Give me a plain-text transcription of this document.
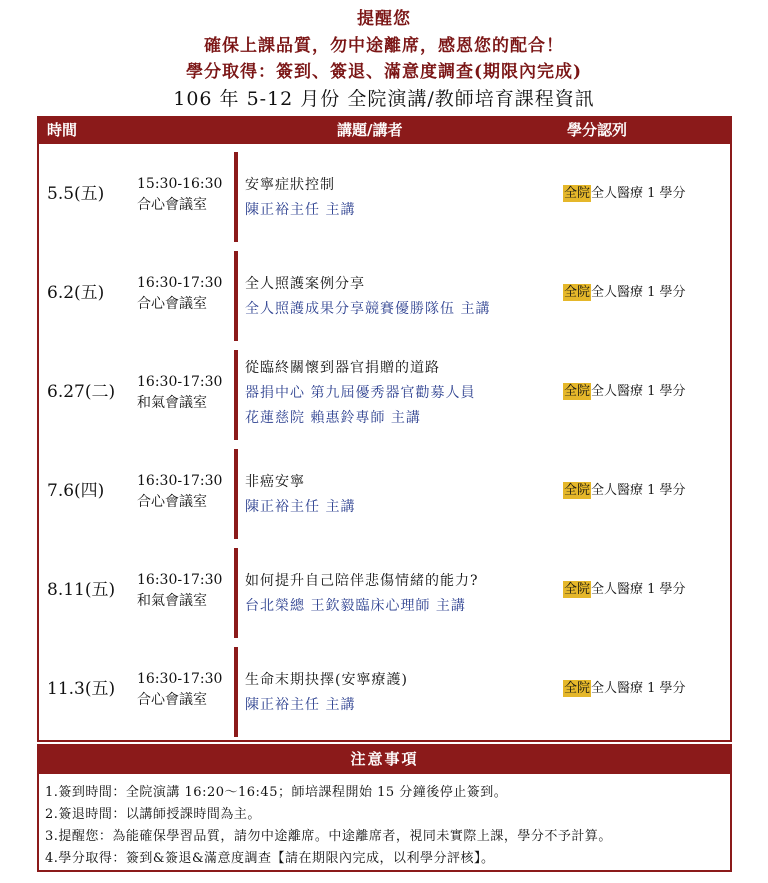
提醒您
確保上課品質，勿中途離席，感恩您的配合！
學分取得：簽到、簽退、滿意度調查(期限內完成)
106 年 5-12 月份 全院演講/教師培育課程資訊
時間	講題/講者	學分認列
5.5(五) 15:30-16:30
合心會議室
安寧症狀控制
陳正裕主任 主講
全院全人醫療 1 學分
6.2(五) 16:30-17:30
合心會議室
全人照護案例分享
全人照護成果分享競賽優勝隊伍 主講
全院全人醫療 1 學分
6.27(二) 16:30-17:30
和氣會議室
從臨終關懷到器官捐贈的道路
器捐中心 第九屆優秀器官勸募人員
花蓮慈院 賴惠鈴專師 主講
全院全人醫療 1 學分
7.6(四) 16:30-17:30
合心會議室
非癌安寧
陳正裕主任 主講
全院全人醫療 1 學分
8.11(五) 16:30-17:30
和氣會議室
如何提升自己陪伴悲傷情緒的能力?
台北榮總 王欽毅臨床心理師 主講
全院全人醫療 1 學分
11.3(五) 16:30-17:30
合心會議室
生命末期抉擇(安寧療護)
陳正裕主任 主講
全院全人醫療 1 學分
注意事項
1.簽到時間：全院演講 16:20～16:45；師培課程開始 15 分鐘後停止簽到。
2.簽退時間：以講師授課時間為主。
3.提醒您：為能確保學習品質，請勿中途離席。中途離席者，視同未實際上課，學分不予計算。
4.學分取得：簽到&簽退&滿意度調查【請在期限內完成，以利學分評核】。
